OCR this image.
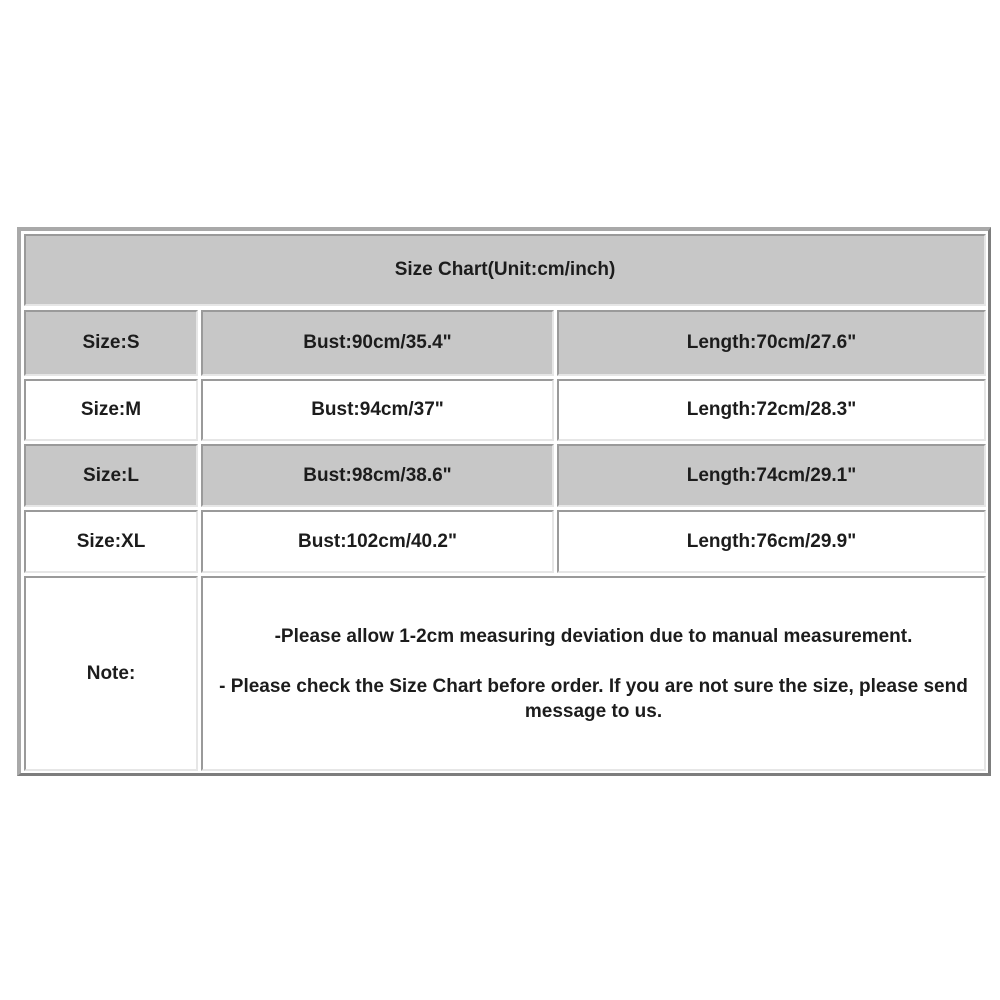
Size Chart(Unit:cm/inch)
Size:S	Bust:90cm/35.4"	Length:70cm/27.6"
Size:M	Bust:94cm/37"	Length:72cm/28.3"
Size:L	Bust:98cm/38.6"	Length:74cm/29.1"
Size:XL	Bust:102cm/40.2"	Length:76cm/29.9"
Note:
-Please allow 1-2cm measuring deviation due to manual measurement.
- Please check the Size Chart before order. If you are not sure the size, please send message to us.
